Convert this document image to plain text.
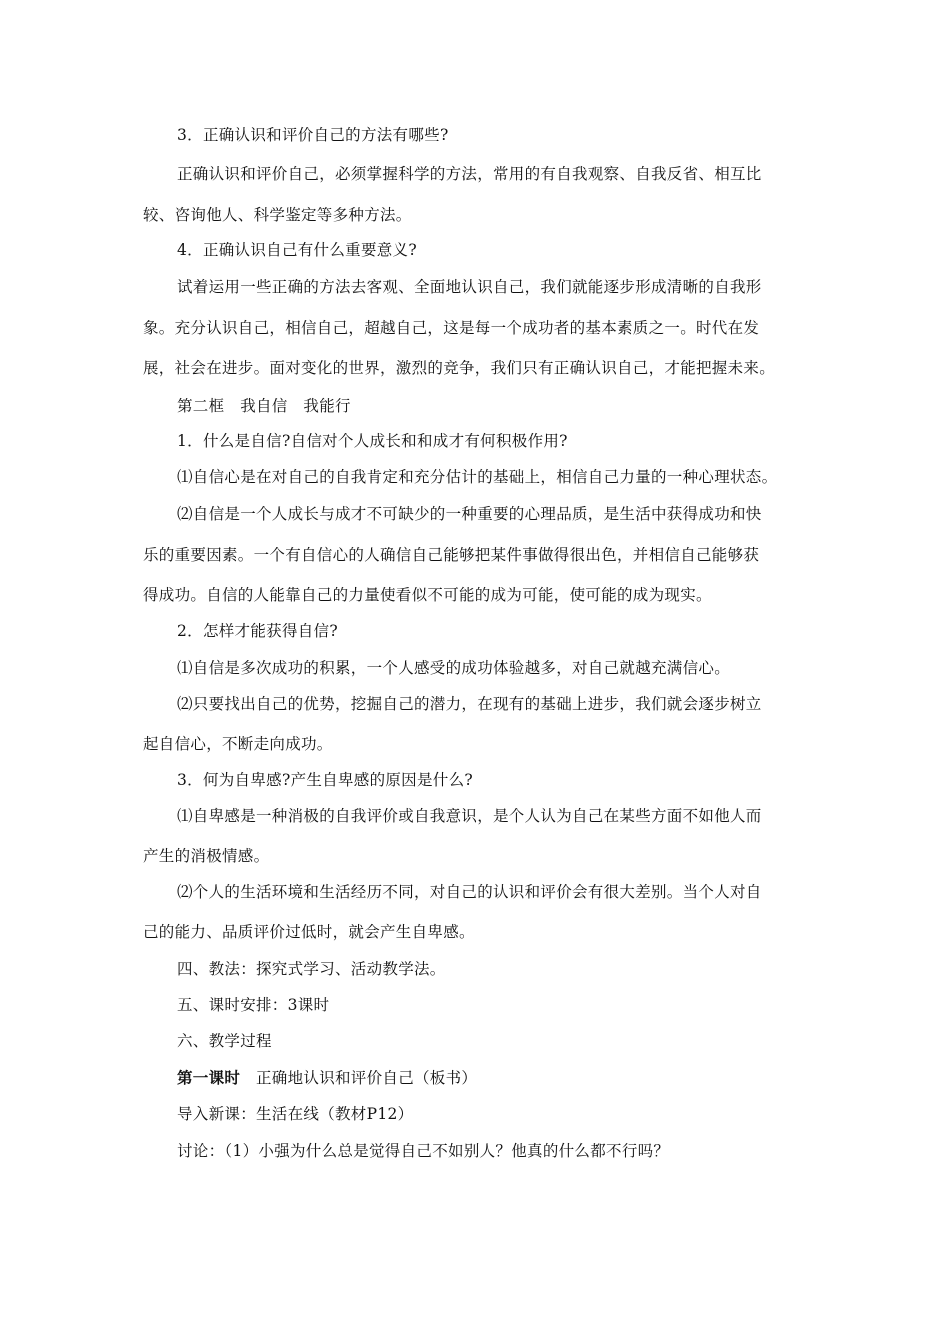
3．正确认识和评价自己的方法有哪些?
正确认识和评价自己，必须掌握科学的方法，常用的有自我观察、自我反省、相互比
较、咨询他人、科学鉴定等多种方法。
4．正确认识自己有什么重要意义?
试着运用一些正确的方法去客观、全面地认识自己，我们就能逐步形成清晰的自我形
象。充分认识自己，相信自己，超越自己，这是每一个成功者的基本素质之一。时代在发
展，社会在进步。面对变化的世界，激烈的竞争，我们只有正确认识自己，才能把握未来。
第二框　我自信　我能行
1．什么是自信?自信对个人成长和和成才有何积极作用?
⑴自信心是在对自己的自我肯定和充分估计的基础上，相信自己力量的一种心理状态。
⑵自信是一个人成长与成才不可缺少的一种重要的心理品质，是生活中获得成功和快
乐的重要因素。一个有自信心的人确信自己能够把某件事做得很出色，并相信自己能够获
得成功。自信的人能靠自己的力量使看似不可能的成为可能，使可能的成为现实。
2．怎样才能获得自信?
⑴自信是多次成功的积累，一个人感受的成功体验越多，对自己就越充满信心。
⑵只要找出自己的优势，挖掘自己的潜力，在现有的基础上进步，我们就会逐步树立
起自信心，不断走向成功。
3．何为自卑感?产生自卑感的原因是什么?
⑴自卑感是一种消极的自我评价或自我意识，是个人认为自己在某些方面不如他人而
产生的消极情感。
⑵个人的生活环境和生活经历不同，对自己的认识和评价会有很大差别。当个人对自
己的能力、品质评价过低时，就会产生自卑感。
四、教法：探究式学习、活动教学法。
五、课时安排：3课时
六、教学过程
第一课时　正确地认识和评价自己（板书）
导入新课：生活在线（教材P12）
讨论：（1）小强为什么总是觉得自己不如别人？他真的什么都不行吗？
